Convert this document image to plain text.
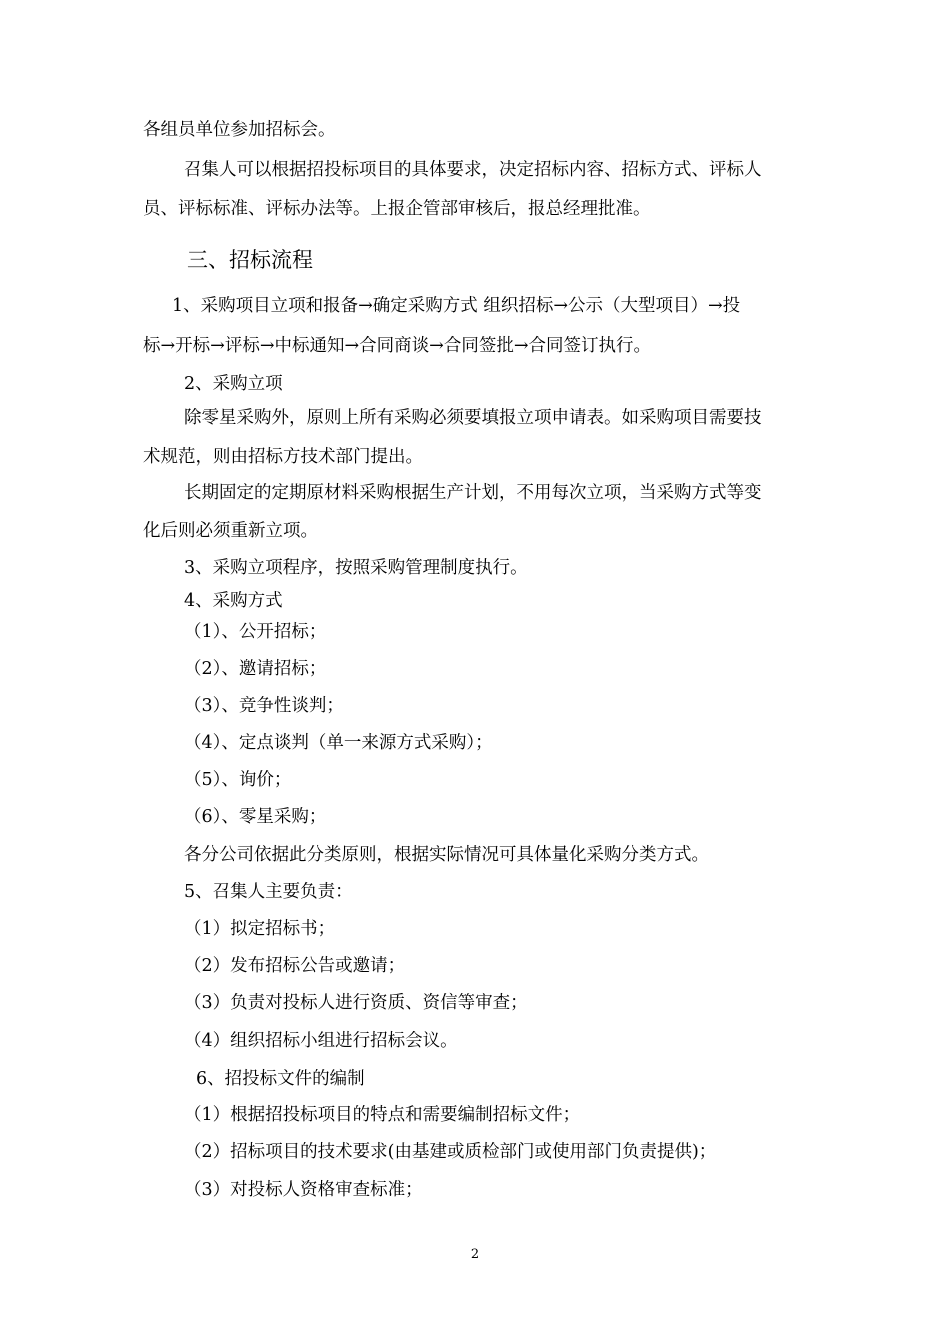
各组员单位参加招标会。
召集人可以根据招投标项目的具体要求，决定招标内容、招标方式、评标人
员、评标标准、评标办法等。上报企管部审核后，报总经理批准。
三、招标流程
1、采购项目立项和报备→确定采购方式 组织招标→公示（大型项目）→投
标→开标→评标→中标通知→合同商谈→合同签批→合同签订执行。
2、采购立项
除零星采购外，原则上所有采购必须要填报立项申请表。如采购项目需要技
术规范，则由招标方技术部门提出。
长期固定的定期原材料采购根据生产计划，不用每次立项，当采购方式等变
化后则必须重新立项。
3、采购立项程序，按照采购管理制度执行。
4、采购方式
（1）、公开招标；
（2）、邀请招标；
（3）、竞争性谈判；
（4）、定点谈判（单一来源方式采购）；
（5）、询价；
（6）、零星采购；
各分公司依据此分类原则，根据实际情况可具体量化采购分类方式。
5、召集人主要负责：
（1）拟定招标书；
（2）发布招标公告或邀请；
（3）负责对投标人进行资质、资信等审查；
（4）组织招标小组进行招标会议。
6、招投标文件的编制
（1）根据招投标项目的特点和需要编制招标文件；
（2）招标项目的技术要求(由基建或质检部门或使用部门负责提供)；
（3）对投标人资格审查标准；
2
